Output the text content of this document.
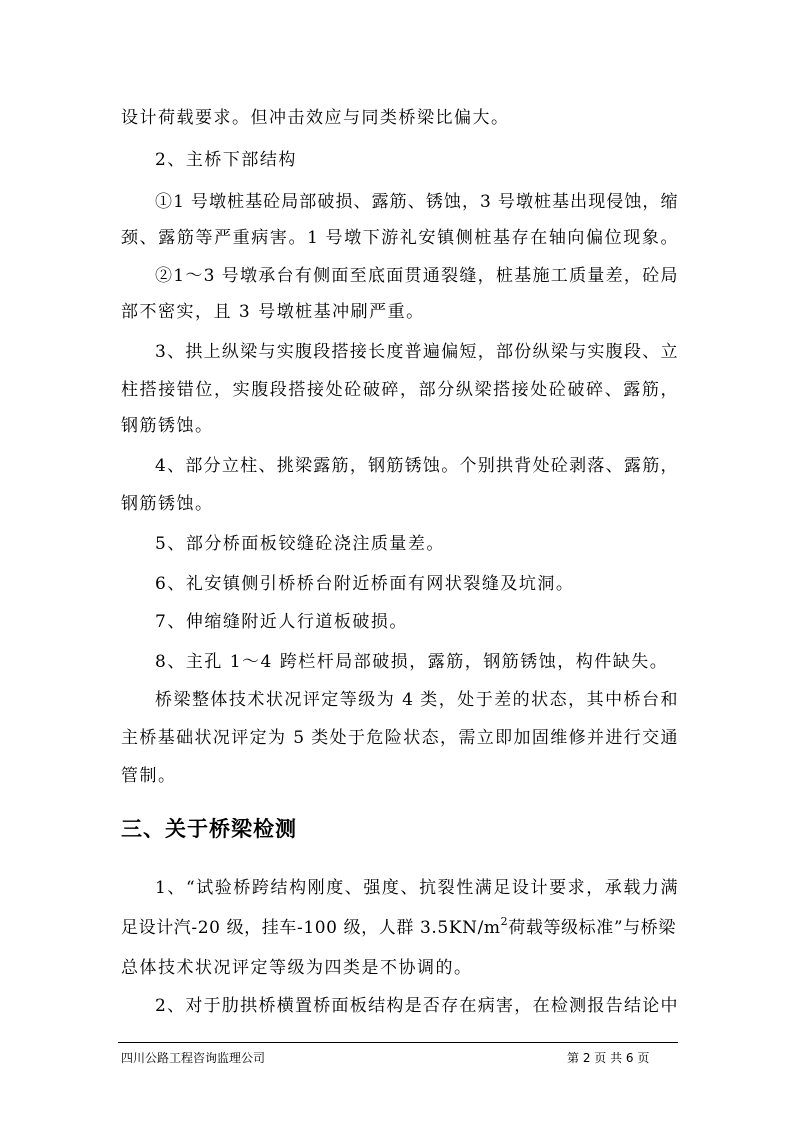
设计荷载要求。但冲击效应与同类桥梁比偏大。
2、主桥下部结构
①1 号墩桩基砼局部破损、露筋、锈蚀，3 号墩桩基出现侵蚀，缩
颈、露筋等严重病害。1 号墩下游礼安镇侧桩基存在轴向偏位现象。
②1～3 号墩承台有侧面至底面贯通裂缝，桩基施工质量差，砼局
部不密实，且 3 号墩桩基冲刷严重。
3、拱上纵梁与实腹段搭接长度普遍偏短，部份纵梁与实腹段、立
柱搭接错位，实腹段搭接处砼破碎，部分纵梁搭接处砼破碎、露筋，
钢筋锈蚀。
4、部分立柱、挑梁露筋，钢筋锈蚀。个别拱背处砼剥落、露筋，
钢筋锈蚀。
5、部分桥面板铰缝砼浇注质量差。
6、礼安镇侧引桥桥台附近桥面有网状裂缝及坑洞。
7、伸缩缝附近人行道板破损。
8、主孔 1～4 跨栏杆局部破损，露筋，钢筋锈蚀，构件缺失。
桥梁整体技术状况评定等级为 4 类，处于差的状态，其中桥台和
主桥基础状况评定为 5 类处于危险状态，需立即加固维修并进行交通
管制。
三、关于桥梁检测
1、“试验桥跨结构刚度、强度、抗裂性满足设计要求，承载力满
足设计汽-20 级，挂车-100 级，人群 $3.5KN/m^2$荷载等级标准”与桥梁
总体技术状况评定等级为四类是不协调的。
2、对于肋拱桥横置桥面板结构是否存在病害，在检测报告结论中
四川公路工程咨询监理公司	第 2 页 共 6 页
